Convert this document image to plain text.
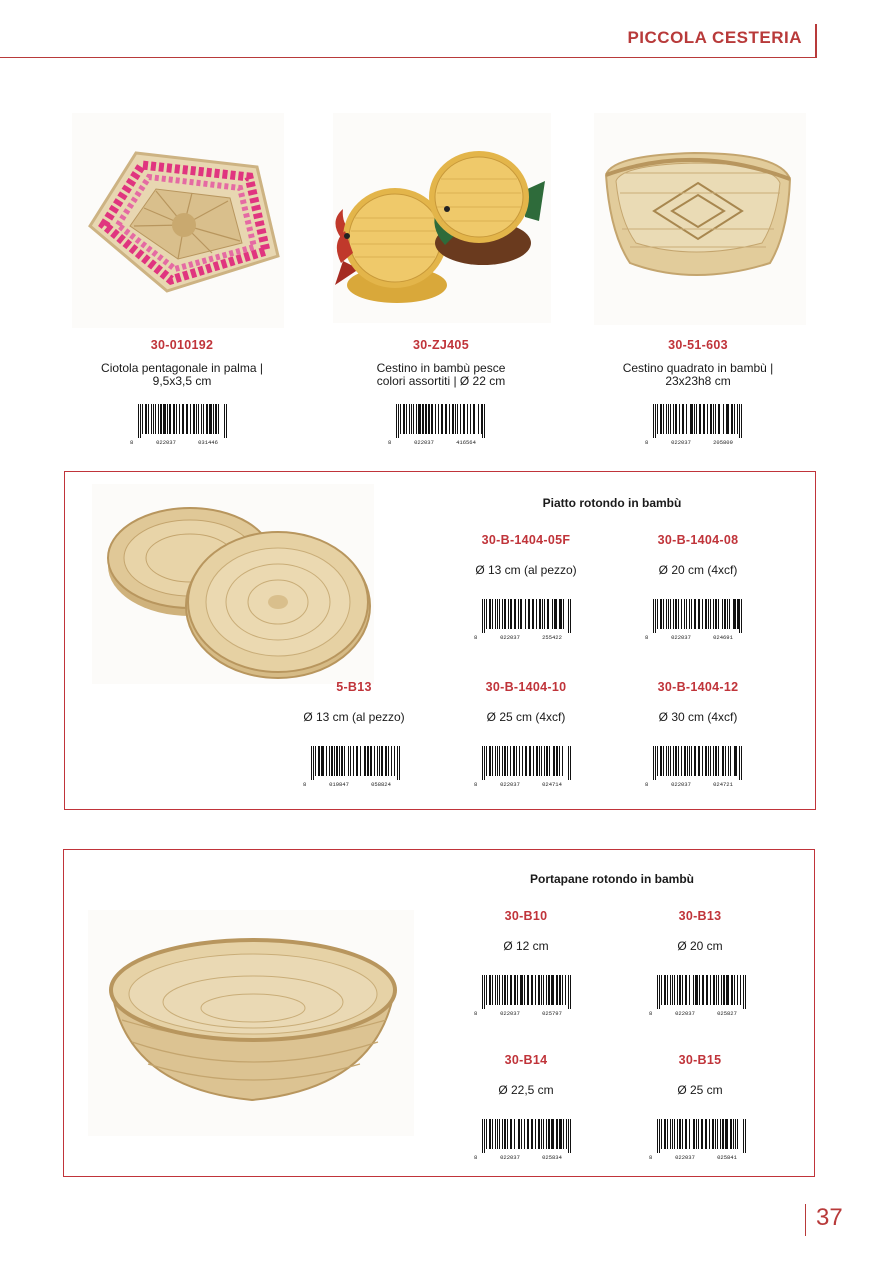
PICCOLA CESTERIA
30-010192
Ciotola pentagonale in palma |
9,5x3,5 cm
8	022037	031446
30-ZJ405
Cestino in bambù pesce
colori assortiti | Ø 22 cm
8	022037	416564
30-51-603
Cestino quadrato in bambù |
23x23h8 cm
8	022037	205809
Piatto rotondo in bambù
30-B-1404-05F
Ø 13 cm (al pezzo)
8	022037	255422
30-B-1404-08
Ø 20 cm (4xcf)
8	022037	024691
5-B13
Ø 13 cm (al pezzo)
8	019847	058824
30-B-1404-10
Ø 25 cm (4xcf)
8	022037	024714
30-B-1404-12
Ø 30 cm (4xcf)
8	022037	024721
Portapane rotondo in bambù
30-B10
Ø 12 cm
8	022037	025797
30-B13
Ø 20 cm
8	022037	025827
30-B14
Ø 22,5 cm
8	022037	025834
30-B15
Ø 25 cm
8	022037	025841
37
